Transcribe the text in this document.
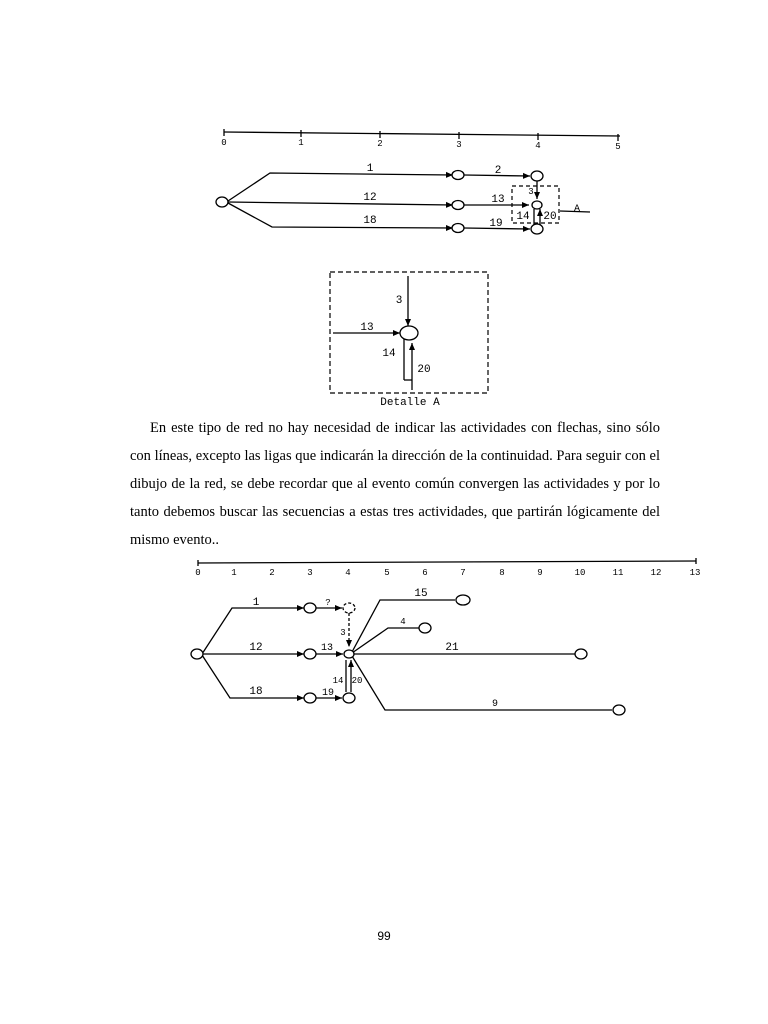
0	1	2	3	4	5
1	2
12	13
18	19
3
14 20
A
3
13
14
20
Detalle A

En este tipo de red no hay necesidad de indicar las actividades con flechas, sino sólo con líneas, excepto las ligas que indicarán la dirección de la continuidad. Para seguir con el dibujo de la red, se debe recordar que al evento común convergen las actividades y por lo tanto debemos buscar las secuencias a estas tres actividades, que partirán lógicamente del mismo evento..

0	1	2	3	4	5	6	7	8	9	10	11	12	13
1	?
12	13
18	19
3
14 20
15
4
21
9
99
